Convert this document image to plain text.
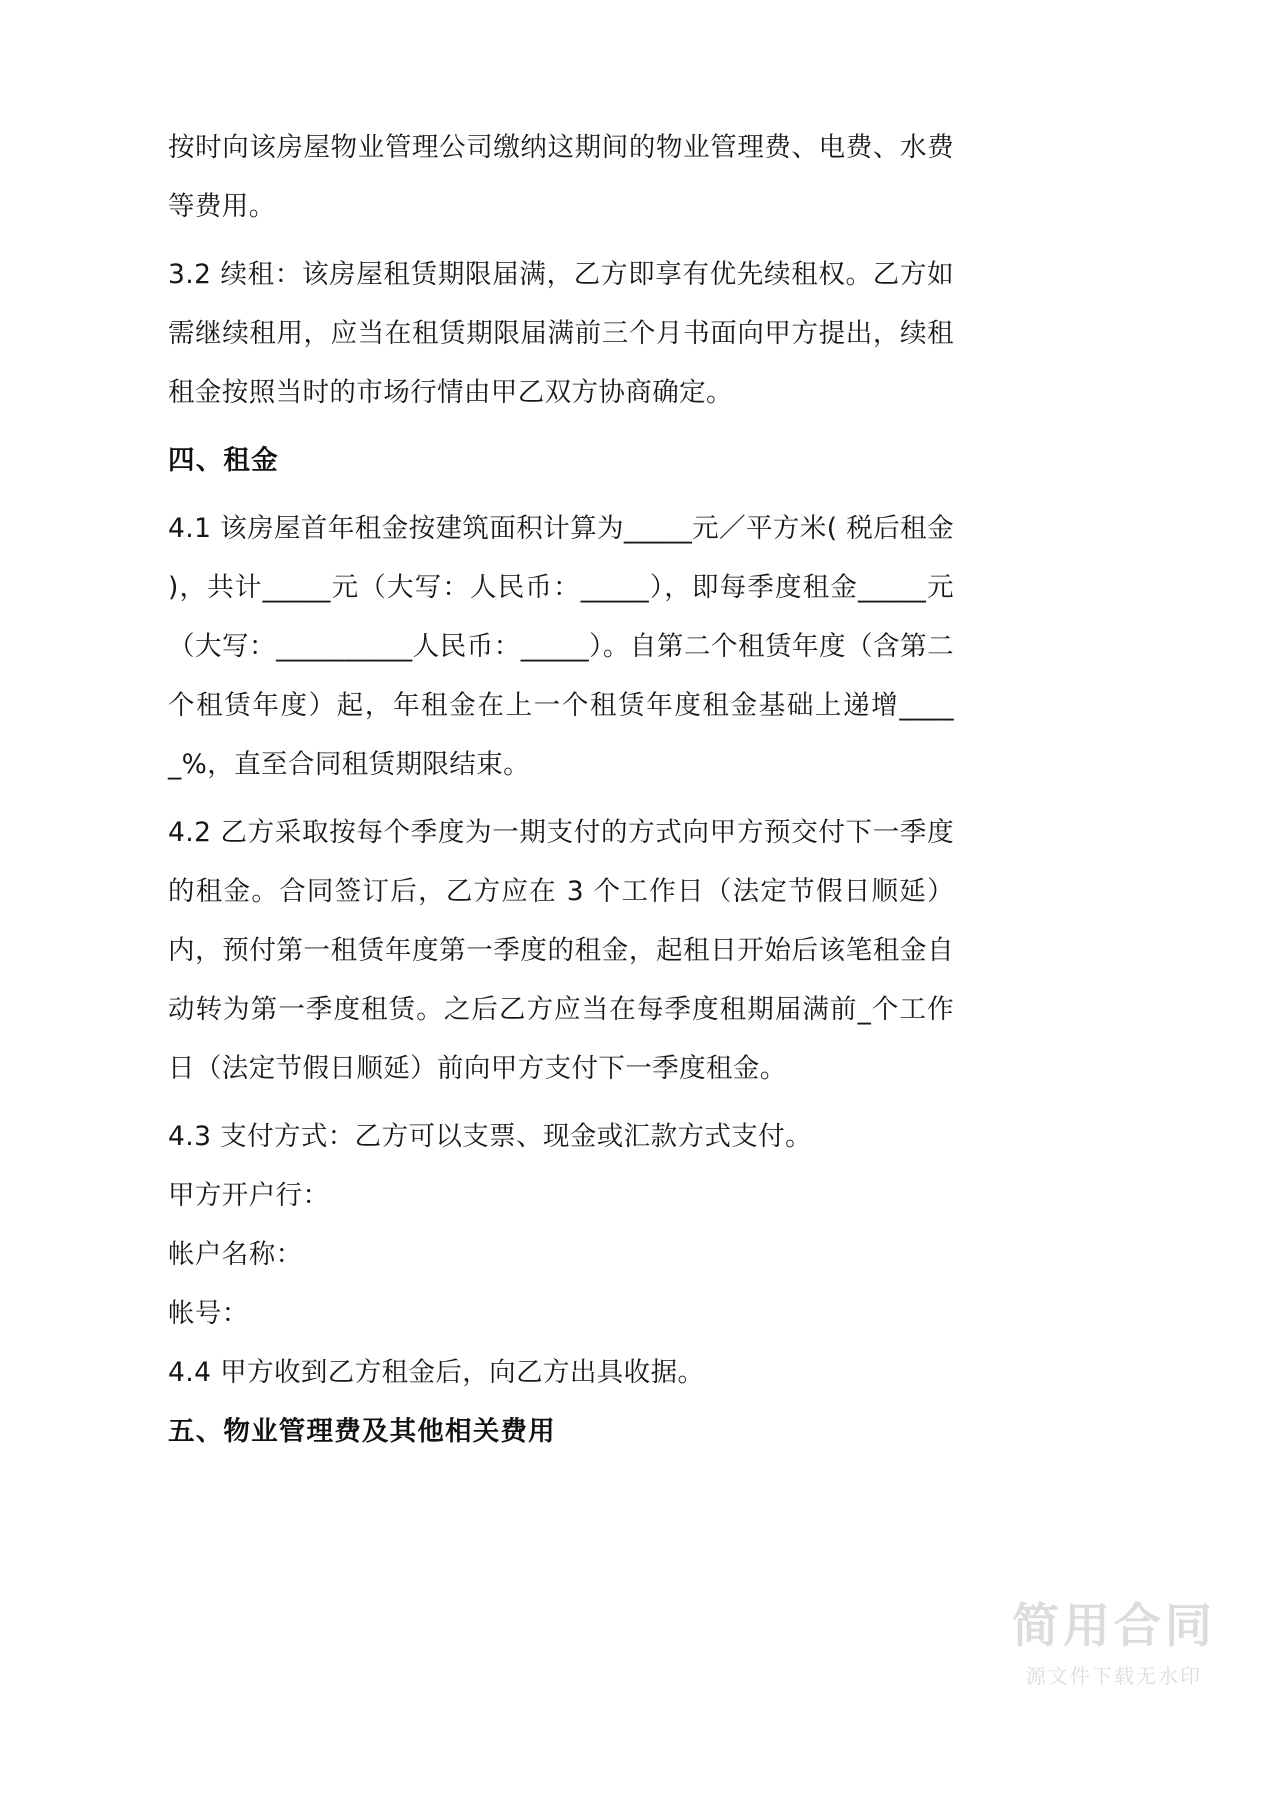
按时向该房屋物业管理公司缴纳这期间的物业管理费、电费、水费等费用。

3.2 续租：该房屋租赁期限届满，乙方即享有优先续租权。乙方如需继续租用，应当在租赁期限届满前三个月书面向甲方提出，续租租金按照当时的市场行情由甲乙双方协商确定。

四、租金

4.1 该房屋首年租金按建筑面积计算为_____元／平方米( 税后租金 )，共计_____元（大写：人民币：_____），即每季度租金_____元（大写：__________人民币：_____）。自第二个租赁年度（含第二个租赁年度）起，年租金在上一个租赁年度租金基础上递增_____%，直至合同租赁期限结束。

4.2 乙方采取按每个季度为一期支付的方式向甲方预交付下一季度的租金。合同签订后，乙方应在 3 个工作日（法定节假日顺延）内，预付第一租赁年度第一季度的租金，起租日开始后该笔租金自动转为第一季度租赁。之后乙方应当在每季度租期届满前_个工作日（法定节假日顺延）前向甲方支付下一季度租金。

4.3 支付方式：乙方可以支票、现金或汇款方式支付。

甲方开户行：

帐户名称：

帐号：

4.4 甲方收到乙方租金后，向乙方出具收据。

五、物业管理费及其他相关费用
简用合同
源文件下载无水印
